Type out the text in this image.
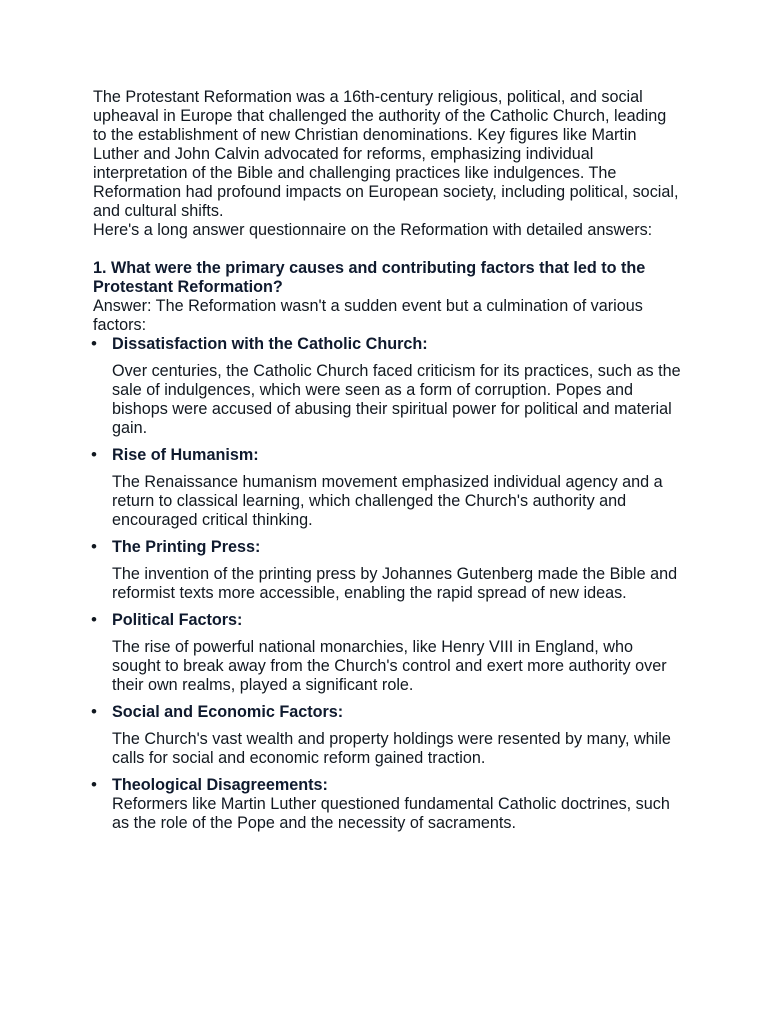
The Protestant Reformation was a 16th-century religious, political, and social upheaval in Europe that challenged the authority of the Catholic Church, leading to the establishment of new Christian denominations. Key figures like Martin Luther and John Calvin advocated for reforms, emphasizing individual interpretation of the Bible and challenging practices like indulgences. The Reformation had profound impacts on European society, including political, social, and cultural shifts.

Here's a long answer questionnaire on the Reformation with detailed answers:

1. What were the primary causes and contributing factors that led to the Protestant Reformation?

Answer: The Reformation wasn't a sudden event but a culmination of various factors:

• Dissatisfaction with the Catholic Church:
Over centuries, the Catholic Church faced criticism for its practices, such as the sale of indulgences, which were seen as a form of corruption. Popes and bishops were accused of abusing their spiritual power for political and material gain.
• Rise of Humanism:
The Renaissance humanism movement emphasized individual agency and a return to classical learning, which challenged the Church's authority and encouraged critical thinking.
• The Printing Press:
The invention of the printing press by Johannes Gutenberg made the Bible and reformist texts more accessible, enabling the rapid spread of new ideas.
• Political Factors:
The rise of powerful national monarchies, like Henry VIII in England, who sought to break away from the Church's control and exert more authority over their own realms, played a significant role.
• Social and Economic Factors:
The Church's vast wealth and property holdings were resented by many, while calls for social and economic reform gained traction.
• Theological Disagreements:
Reformers like Martin Luther questioned fundamental Catholic doctrines, such as the role of the Pope and the necessity of sacraments.
